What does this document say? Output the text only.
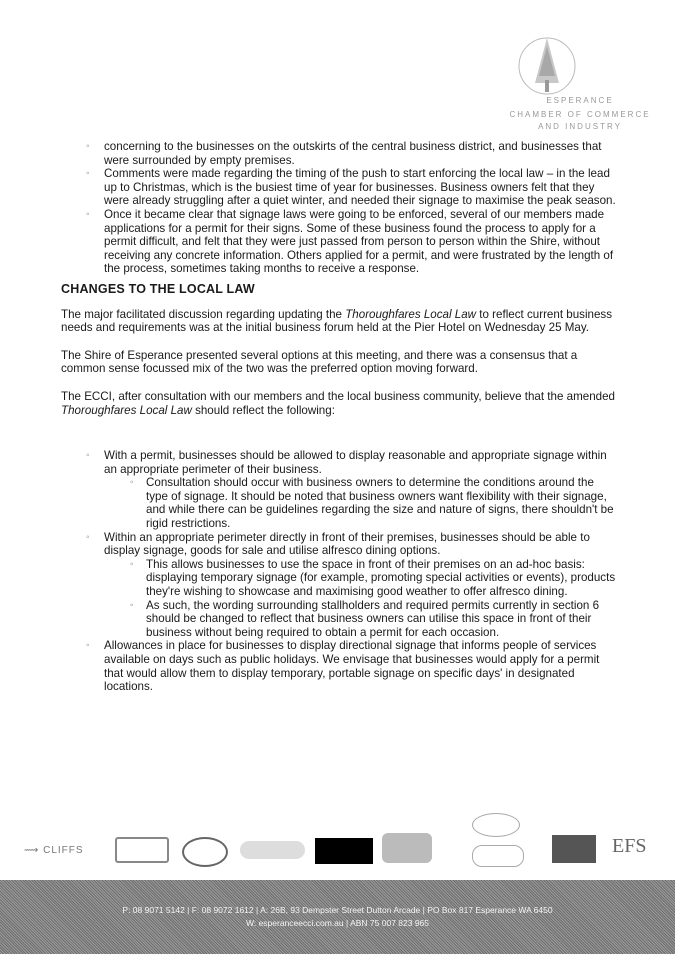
ESPERANCE
CHAMBER OF COMMERCE
AND INDUSTRY
◦ concerning to the businesses on the outskirts of the central business district, and businesses that were surrounded by empty premises.
◦ Comments were made regarding the timing of the push to start enforcing the local law – in the lead up to Christmas, which is the busiest time of year for businesses. Business owners felt that they were already struggling after a quiet winter, and needed their signage to maximise the peak season.
◦ Once it became clear that signage laws were going to be enforced, several of our members made applications for a permit for their signs. Some of these business found the process to apply for a permit difficult, and felt that they were just passed from person to person within the Shire, without receiving any concrete information. Others applied for a permit, and were frustrated by the length of the process, sometimes taking months to receive a response.
CHANGES TO THE LOCAL LAW

The major facilitated discussion regarding updating the Thoroughfares Local Law to reflect current business needs and requirements was at the initial business forum held at the Pier Hotel on Wednesday 25 May.

The Shire of Esperance presented several options at this meeting, and there was a consensus that a common sense focussed mix of the two was the preferred option moving forward.

The ECCI, after consultation with our members and the local business community, believe that the amended Thoroughfares Local Law should reflect the following:

◦ With a permit, businesses should be allowed to display reasonable and appropriate signage within an appropriate perimeter of their business.
◦ Consultation should occur with business owners to determine the conditions around the type of signage. It should be noted that business owners want flexibility with their signage, and while there can be guidelines regarding the size and nature of signs, there shouldn't be rigid restrictions.
◦ Within an appropriate perimeter directly in front of their premises, businesses should be able to display signage, goods for sale and utilise alfresco dining options.
◦ This allows businesses to use the space in front of their premises on an ad-hoc basis: displaying temporary signage (for example, promoting special activities or events), products they're wishing to showcase and maximising good weather to offer alfresco dining.
◦ As such, the wording surrounding stallholders and required permits currently in section 6 should be changed to reflect that business owners can utilise this space in front of their business without being required to obtain a permit for each occasion.
◦ Allowances in place for businesses to display directional signage that informs people of services available on days such as public holidays. We envisage that businesses would apply for a permit that would allow them to display temporary, portable signage on specific days' in designated locations.
⟿ CLIFFS	EFS
P: 08 9071 5142 | F: 08 9072 1612 | A: 26B, 93 Dempster Street Dutton Arcade | PO Box 817 Esperance WA 6450
W: esperanceecci.com.au | ABN 75 007 823 965
